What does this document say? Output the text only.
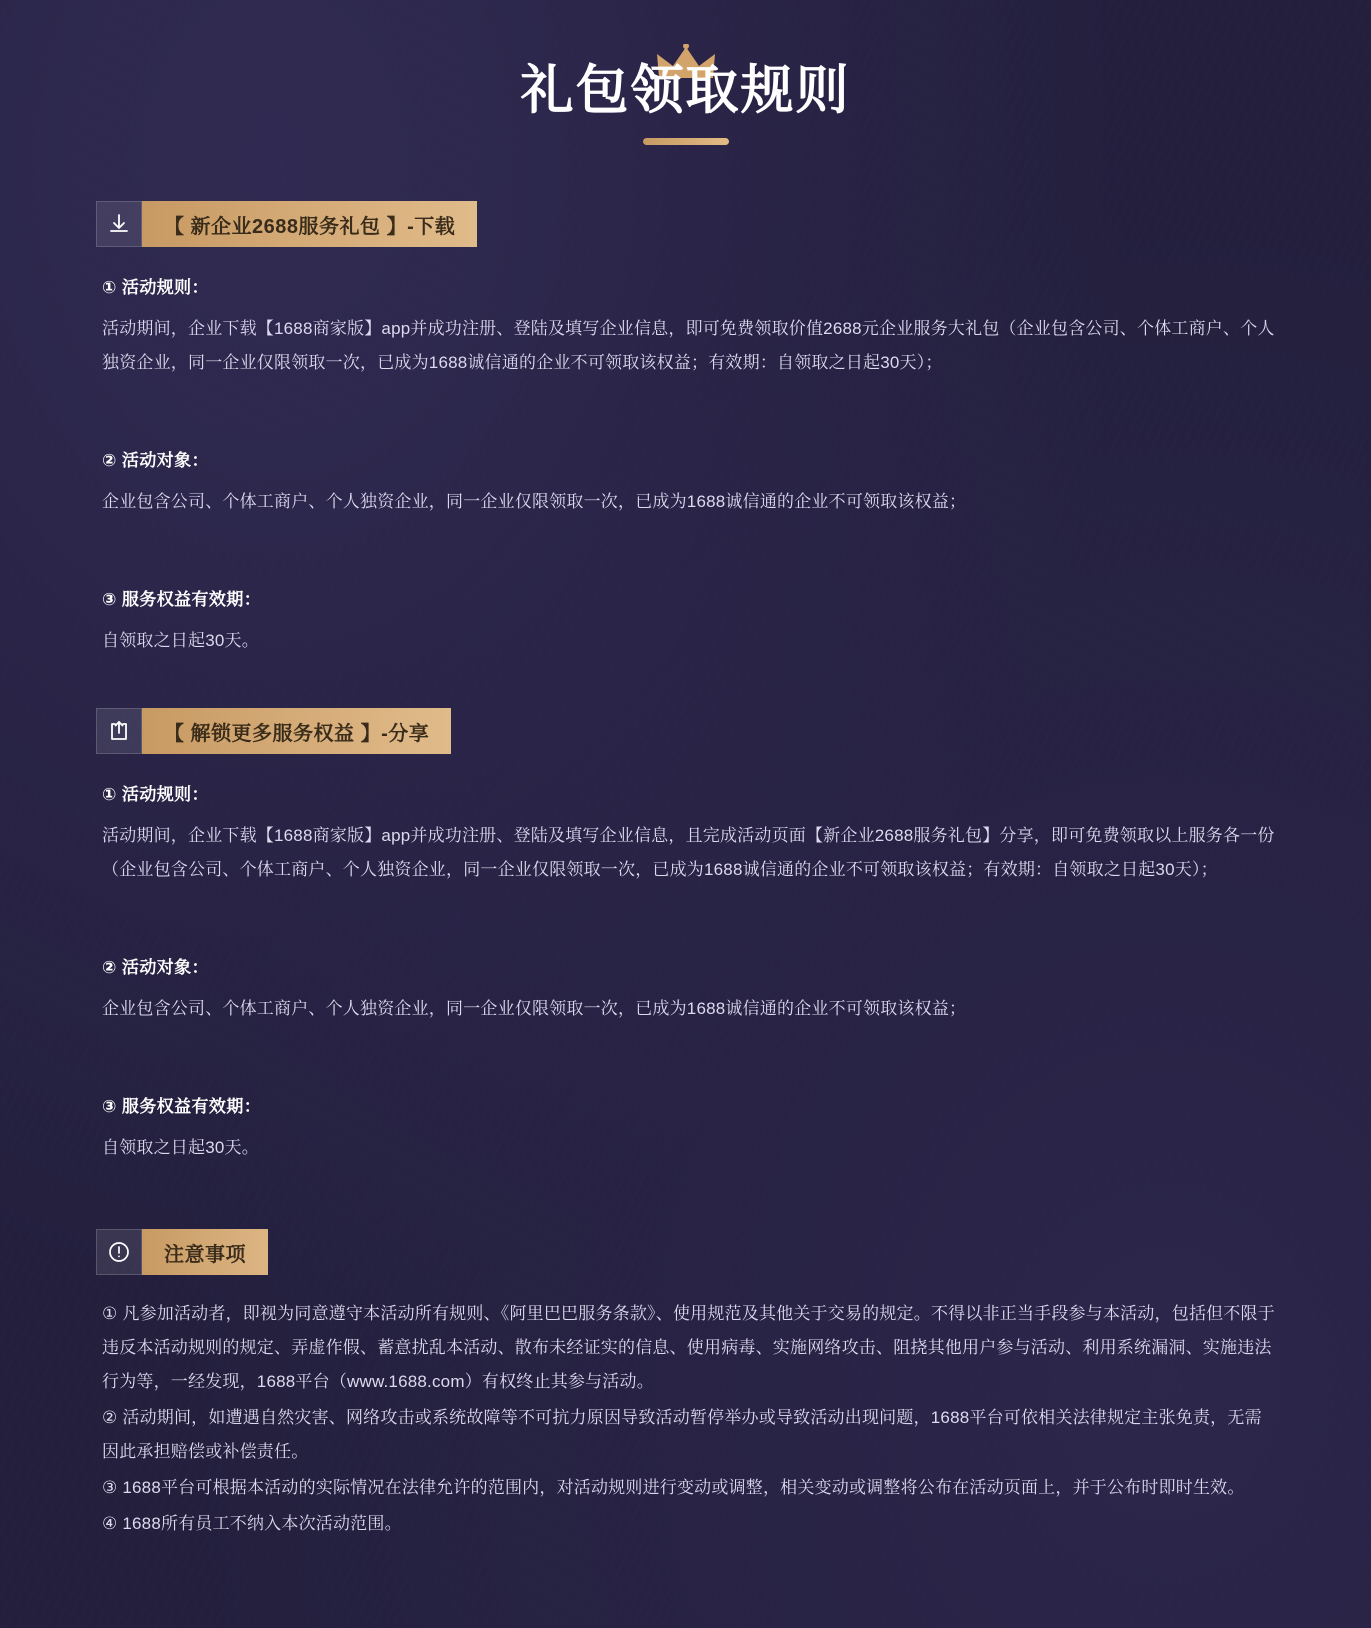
礼包领取规则
【 新企业2688服务礼包 】-下载
① 活动规则：
活动期间，企业下载【1688商家版】app并成功注册、登陆及填写企业信息，即可免费领取价值2688元企业服务大礼包（企业包含公司、个体工商户、个人独资企业，同一企业仅限领取一次，已成为1688诚信通的企业不可领取该权益；有效期：自领取之日起30天）；
② 活动对象：
企业包含公司、个体工商户、个人独资企业，同一企业仅限领取一次，已成为1688诚信通的企业不可领取该权益；
③ 服务权益有效期：
自领取之日起30天。
【 解锁更多服务权益 】-分享
① 活动规则：
活动期间，企业下载【1688商家版】app并成功注册、登陆及填写企业信息，且完成活动页面【新企业2688服务礼包】分享，即可免费领取以上服务各一份（企业包含公司、个体工商户、个人独资企业，同一企业仅限领取一次，已成为1688诚信通的企业不可领取该权益；有效期：自领取之日起30天）；
② 活动对象：
企业包含公司、个体工商户、个人独资企业，同一企业仅限领取一次，已成为1688诚信通的企业不可领取该权益；
③ 服务权益有效期：
自领取之日起30天。
注意事项
① 凡参加活动者，即视为同意遵守本活动所有规则、《阿里巴巴服务条款》、使用规范及其他关于交易的规定。不得以非正当手段参与本活动，包括但不限于违反本活动规则的规定、弄虚作假、蓄意扰乱本活动、散布未经证实的信息、使用病毒、实施网络攻击、阻挠其他用户参与活动、利用系统漏洞、实施违法行为等，一经发现，1688平台（www.1688.com）有权终止其参与活动。
② 活动期间，如遭遇自然灾害、网络攻击或系统故障等不可抗力原因导致活动暂停举办或导致活动出现问题，1688平台可依相关法律规定主张免责，无需因此承担赔偿或补偿责任。
③ 1688平台可根据本活动的实际情况在法律允许的范围内，对活动规则进行变动或调整，相关变动或调整将公布在活动页面上，并于公布时即时生效。
④ 1688所有员工不纳入本次活动范围。
